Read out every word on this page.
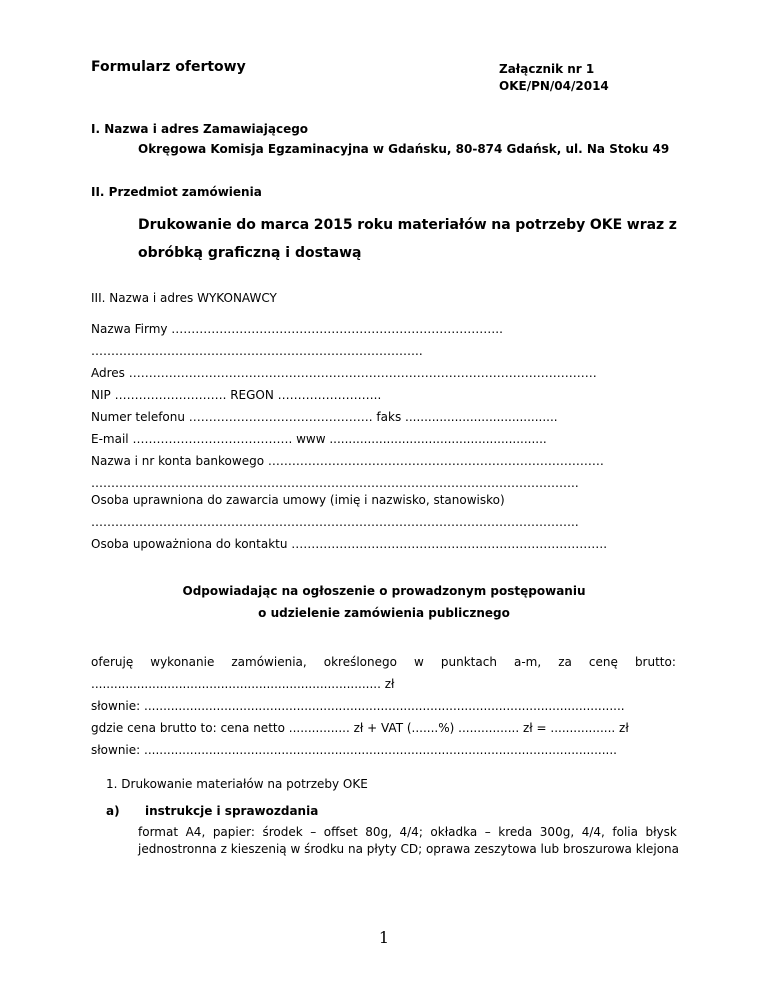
Formularz ofertowy	Załącznik nr 1
OKE/PN/04/2014
I. Nazwa i adres Zamawiającego
Okręgowa Komisja Egzaminacyjna w Gdańsku, 80-874 Gdańsk, ul. Na Stoku 49
II. Przedmiot zamówienia
Drukowanie do marca 2015 roku materiałów na potrzeby OKE wraz z
obróbką graficzną i dostawą
III. Nazwa i adres WYKONAWCY
Nazwa Firmy ………………………………………………………………………..
………………………………………………………………………..
Adres ………………………………………………………………………………………………………
NIP ………………………. REGON ……………………..
Numer telefonu ………………………………………. faks ........................................
E-mail …………………………………. www .........................................................
Nazwa i nr konta bankowego …………………………………………………………………………
…………………………………………………………………………………………………………..
Osoba uprawniona do zawarcia umowy (imię i nazwisko, stanowisko)
…………………………………………………………………………………………………………..
Osoba upoważniona do kontaktu …………………………………………………………………….
Odpowiadając na ogłoszenie o prowadzonym postępowaniu
o udzielenie zamówienia publicznego
oferuję wykonanie zamówienia, określonego w punktach a-m, za cenę brutto:
............................................................................ zł
słownie: ..............................................................................................................................
gdzie cena brutto to: cena netto ................ zł + VAT (.......%) ................ zł = ................. zł
słownie: ............................................................................................................................
1. Drukowanie materiałów na potrzeby OKE
a) instrukcje i sprawozdania
format A4, papier: środek – offset 80g, 4/4; okładka – kreda 300g, 4/4, folia błysk
jednostronna z kieszenią w środku na płyty CD; oprawa zeszytowa lub broszurowa klejona
1
